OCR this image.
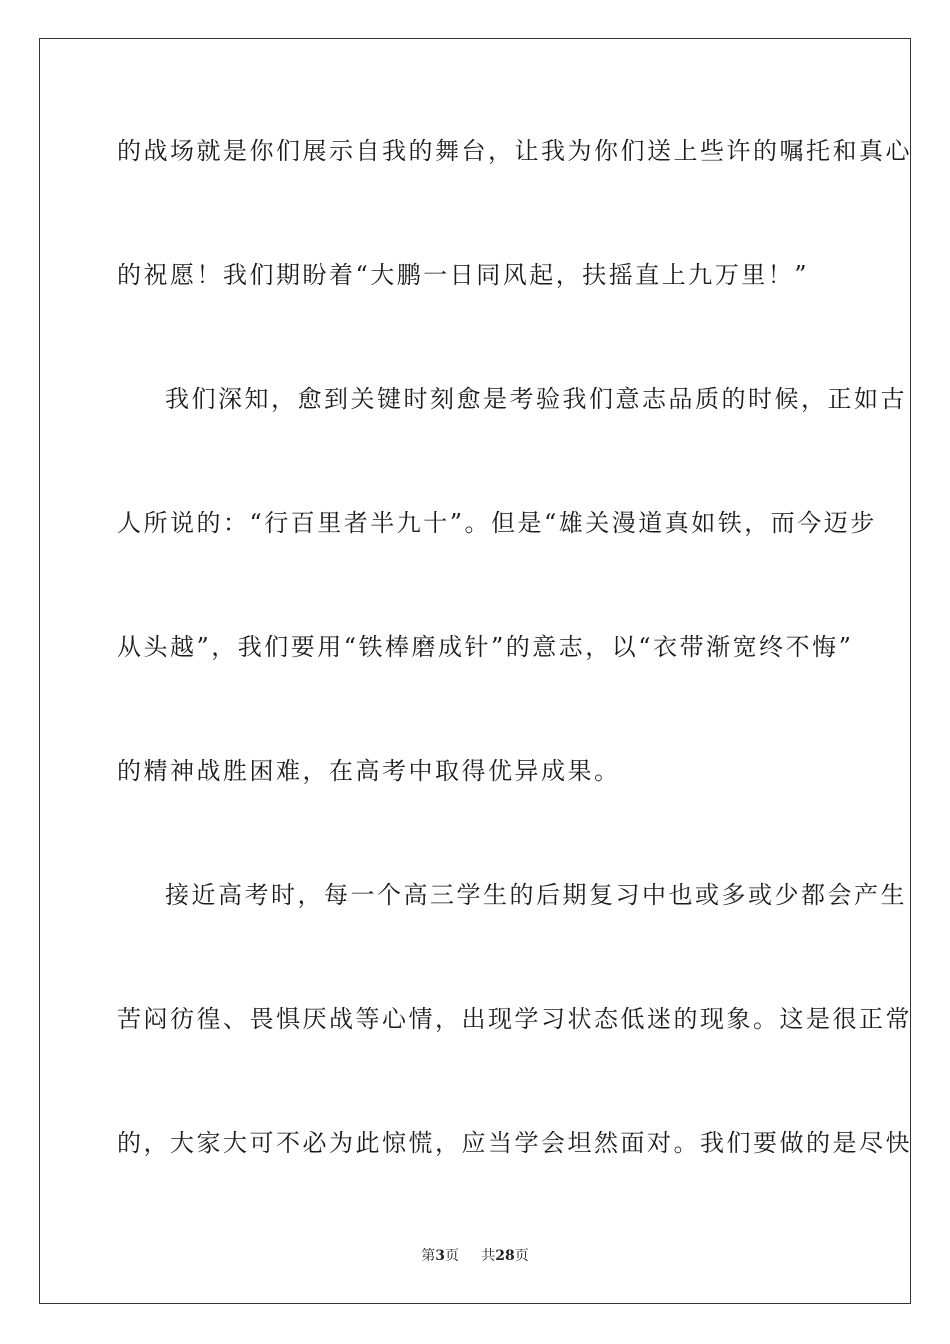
的战场就是你们展示自我的舞台，让我为你们送上些许的嘱托和真心
的祝愿！我们期盼着“大鹏一日同风起，扶摇直上九万里！”
我们深知，愈到关键时刻愈是考验我们意志品质的时候，正如古
人所说的：“行百里者半九十”。但是“雄关漫道真如铁，而今迈步
从头越”，我们要用“铁棒磨成针”的意志，以“衣带渐宽终不悔”
的精神战胜困难，在高考中取得优异成果。
接近高考时，每一个高三学生的后期复习中也或多或少都会产生
苦闷彷徨、畏惧厌战等心情，出现学习状态低迷的现象。这是很正常
的，大家大可不必为此惊慌，应当学会坦然面对。我们要做的是尽快
第3页 共28页
